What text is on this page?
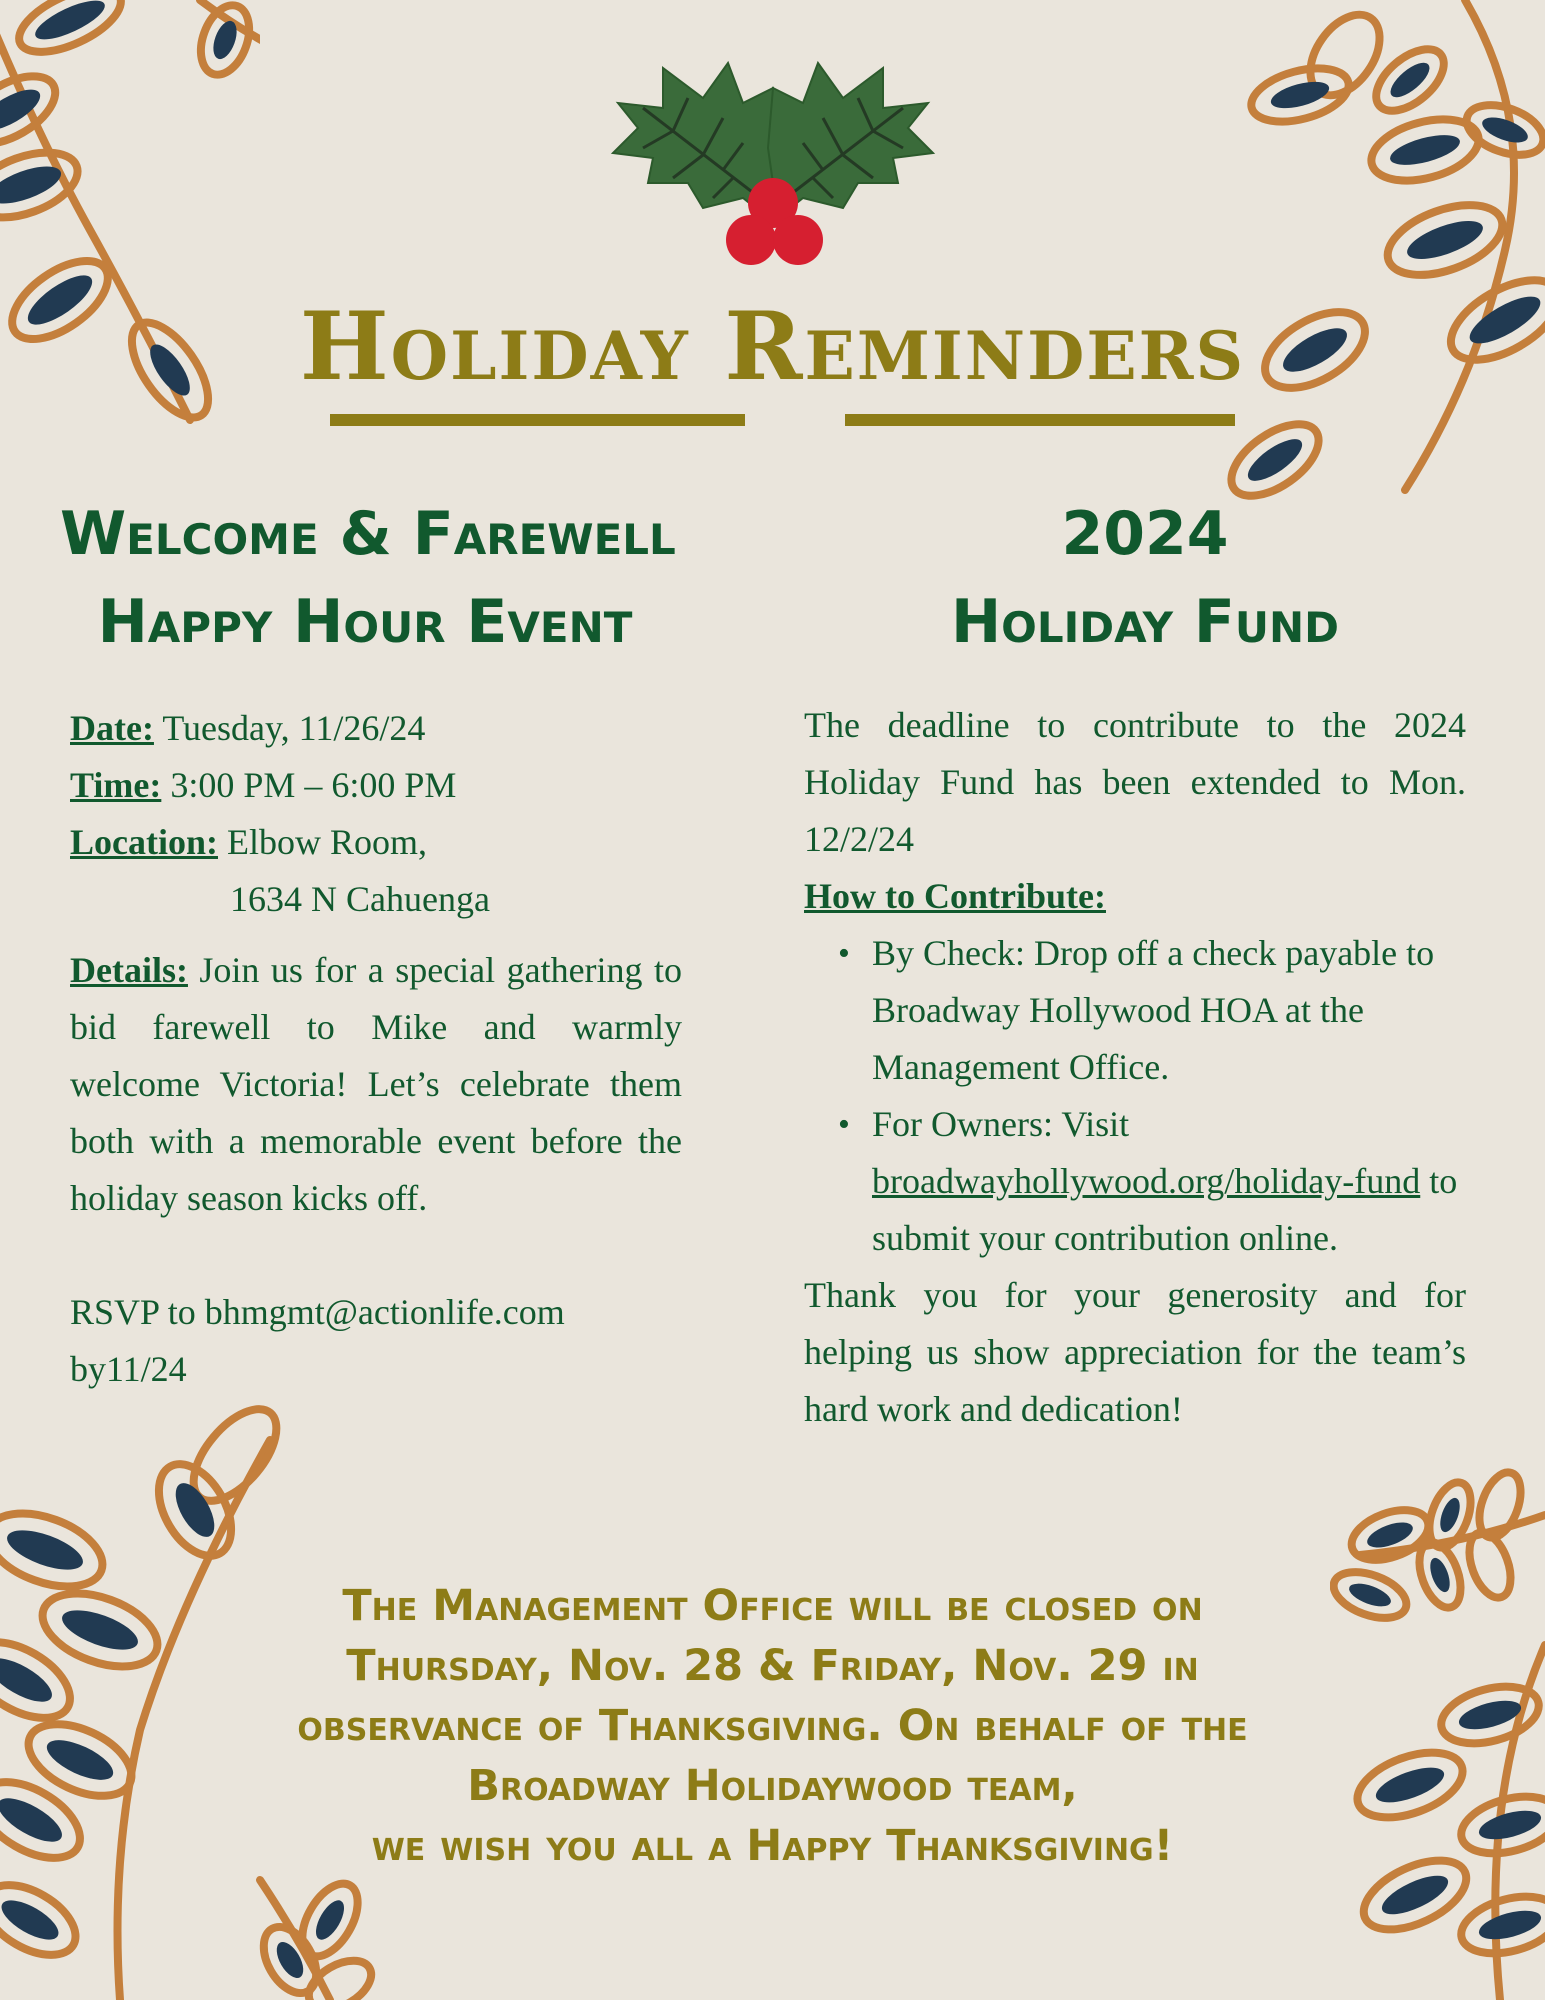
Holiday Reminders
Welcome & Farewell
Happy Hour Event
2024
Holiday Fund

Date: Tuesday, 11/26/24

Time: 3:00 PM – 6:00 PM

Location: Elbow Room,

1634 N Cahuenga

Details: Join us for a special gathering to bid farewell to Mike and warmly welcome Victoria! Let’s celebrate them both with a memorable event before the holiday season kicks off.

RSVP to bhmgmt@actionlife.com

by11/24

The deadline to contribute to the 2024 Holiday Fund has been extended to Mon. 12/2/24

How to Contribute:

• By Check: Drop off a check payable to Broadway Hollywood HOA at the Management Office.
• For Owners: Visit
broadwayhollywood.org/holiday-fund to submit your contribution online.

Thank you for your generosity and for helping us show appreciation for the team’s hard work and dedication!

The Management Office will be closed on
Thursday, Nov. 28 & Friday, Nov. 29 in
observance of Thanksgiving. On behalf of the
Broadway Holidaywood team,
we wish you all a Happy Thanksgiving!
